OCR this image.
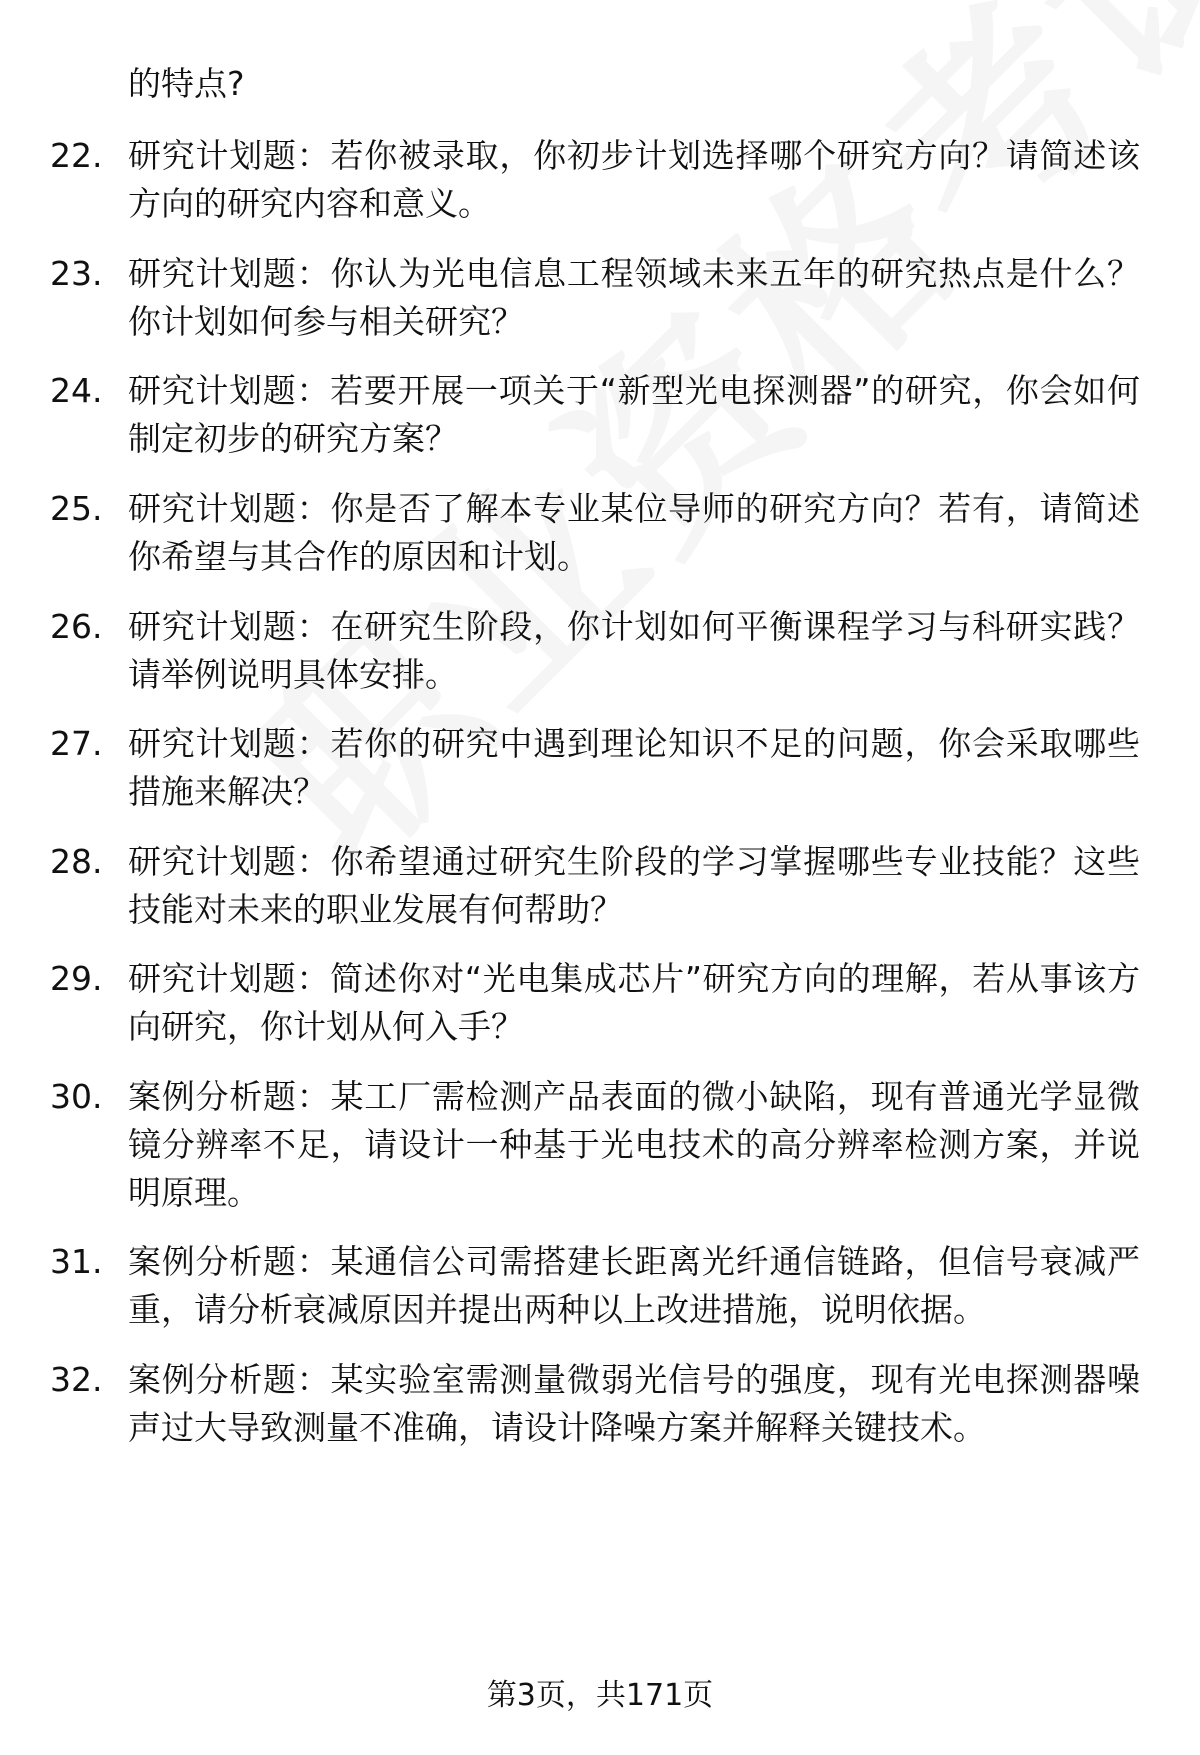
的特点?

22. 研究计划题：若你被录取，你初步计划选择哪个研究方向？请简述该方向的研究内容和意义。
23. 研究计划题：你认为光电信息工程领域未来五年的研究热点是什么？你计划如何参与相关研究？
24. 研究计划题：若要开展一项关于“新型光电探测器”的研究，你会如何制定初步的研究方案？
25. 研究计划题：你是否了解本专业某位导师的研究方向？若有，请简述你希望与其合作的原因和计划。
26. 研究计划题：在研究生阶段，你计划如何平衡课程学习与科研实践？请举例说明具体安排。
27. 研究计划题：若你的研究中遇到理论知识不足的问题，你会采取哪些措施来解决？
28. 研究计划题：你希望通过研究生阶段的学习掌握哪些专业技能？这些技能对未来的职业发展有何帮助？
29. 研究计划题：简述你对“光电集成芯片”研究方向的理解，若从事该方向研究，你计划从何入手？
30. 案例分析题：某工厂需检测产品表面的微小缺陷，现有普通光学显微镜分辨率不足，请设计一种基于光电技术的高分辨率检测方案，并说明原理。
31. 案例分析题：某通信公司需搭建长距离光纤通信链路，但信号衰减严重，请分析衰减原因并提出两种以上改进措施，说明依据。
32. 案例分析题：某实验室需测量微弱光信号的强度，现有光电探测器噪声过大导致测量不准确，请设计降噪方案并解释关键技术。
第3页，共171页
